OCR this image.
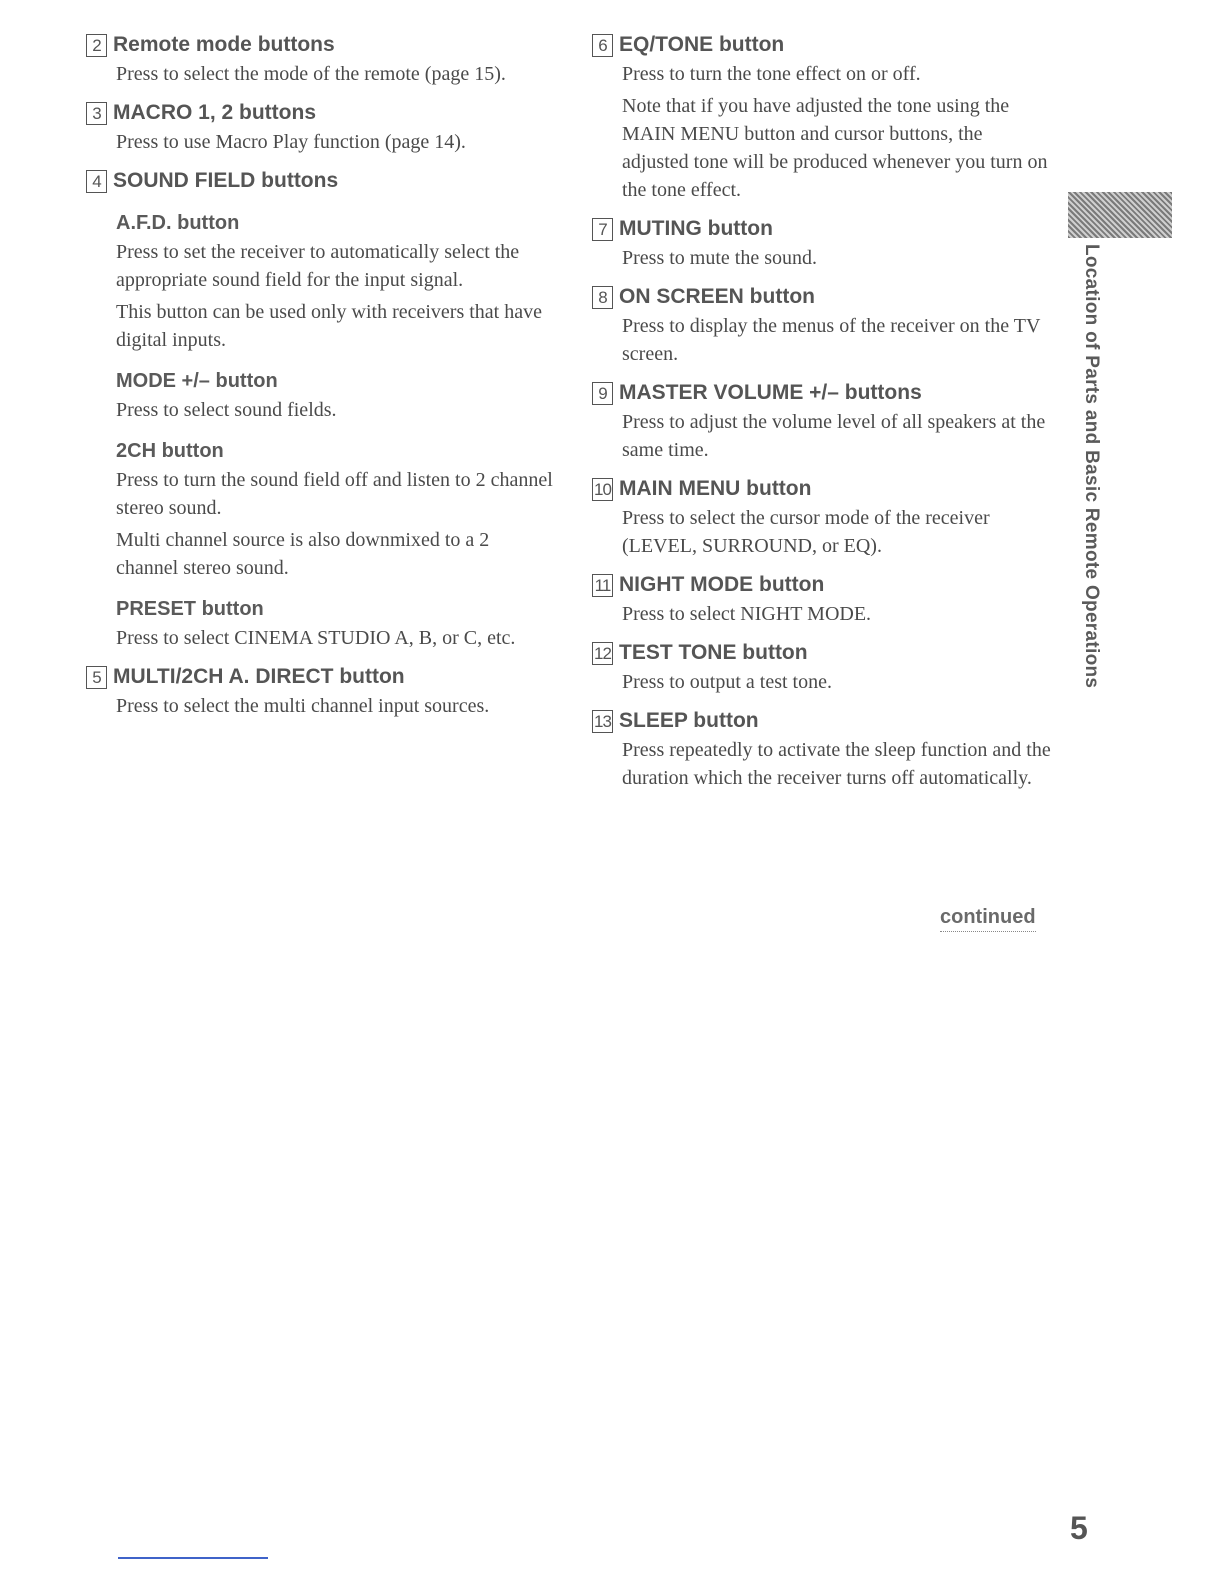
2 Remote mode buttons

Press to select the mode of the remote (page 15).

3 MACRO 1, 2 buttons

Press to use Macro Play function (page 14).

4 SOUND FIELD buttons
A.F.D. button

Press to set the receiver to automatically select the appropriate sound field for the input signal.

This button can be used only with receivers that have digital inputs.

MODE +/– button

Press to select sound fields.

2CH button

Press to turn the sound field off and listen to 2 channel stereo sound.

Multi channel source is also downmixed to a 2 channel stereo sound.

PRESET button

Press to select CINEMA STUDIO A, B, or C, etc.

5 MULTI/2CH A. DIRECT button

Press to select the multi channel input sources.

6 EQ/TONE button

Press to turn the tone effect on or off.

Note that if you have adjusted the tone using the MAIN MENU button and cursor buttons, the adjusted tone will be produced whenever you turn on the tone effect.

7 MUTING button

Press to mute the sound.

8 ON SCREEN button

Press to display the menus of the receiver on the TV screen.

9 MASTER VOLUME +/– buttons

Press to adjust the volume level of all speakers at the same time.

10 MAIN MENU button

Press to select the cursor mode of the receiver (LEVEL, SURROUND, or EQ).

11 NIGHT MODE button

Press to select NIGHT MODE.

12 TEST TONE button

Press to output a test tone.

13 SLEEP button

Press repeatedly to activate the sleep function and the duration which the receiver turns off automatically.

Location of Parts and Basic Remote Operations
continued
5
